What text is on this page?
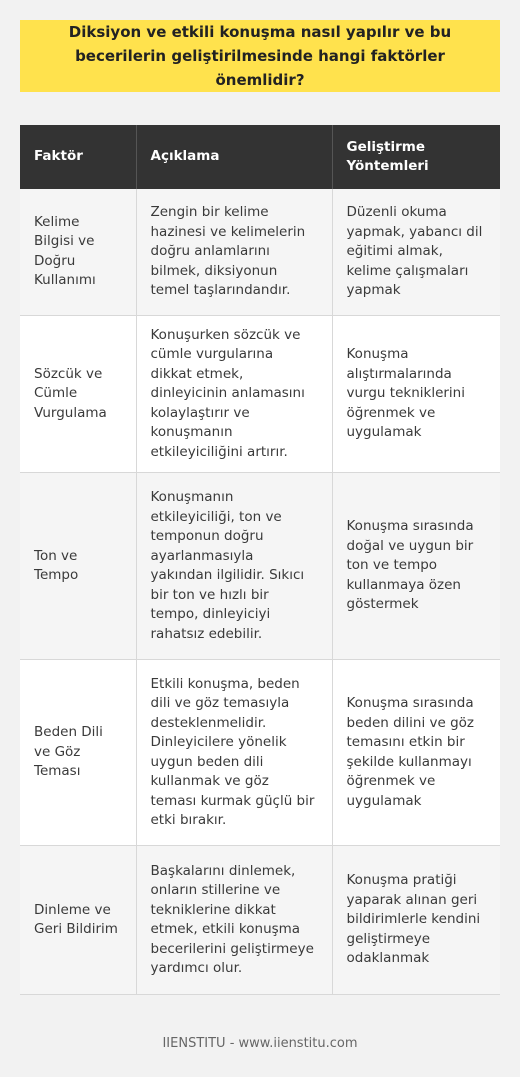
Diksiyon ve etkili konuşma nasıl yapılır ve bu becerilerin geliştirilmesinde hangi faktörler önemlidir?
Faktör	Açıklama	Geliştirme Yöntemleri
Kelime Bilgisi ve Doğru Kullanımı	Zengin bir kelime hazinesi ve kelimelerin doğru anlamlarını bilmek, diksiyonun temel taşlarındandır.	Düzenli okuma yapmak, yabancı dil eğitimi almak, kelime çalışmaları yapmak
Sözcük ve Cümle Vurgulama	Konuşurken sözcük ve cümle vurgularına dikkat etmek, dinleyicinin anlamasını kolaylaştırır ve konuşmanın etkileyiciliğini artırır.	Konuşma alıştırmalarında vurgu tekniklerini öğrenmek ve uygulamak
Ton ve Tempo	Konuşmanın etkileyiciliği, ton ve temponun doğru ayarlanmasıyla yakından ilgilidir. Sıkıcı bir ton ve hızlı bir tempo, dinleyiciyi rahatsız edebilir.	Konuşma sırasında doğal ve uygun bir ton ve tempo kullanmaya özen göstermek
Beden Dili ve Göz Teması	Etkili konuşma, beden dili ve göz temasıyla desteklenmelidir. Dinleyicilere yönelik uygun beden dili kullanmak ve göz teması kurmak güçlü bir etki bırakır.	Konuşma sırasında beden dilini ve göz temasını etkin bir şekilde kullanmayı öğrenmek ve uygulamak
Dinleme ve Geri Bildirim	Başkalarını dinlemek, onların stillerine ve tekniklerine dikkat etmek, etkili konuşma becerilerini geliştirmeye yardımcı olur.	Konuşma pratiği yaparak alınan geri bildirimlerle kendini geliştirmeye odaklanmak
IIENSTITU - www.iienstitu.com
